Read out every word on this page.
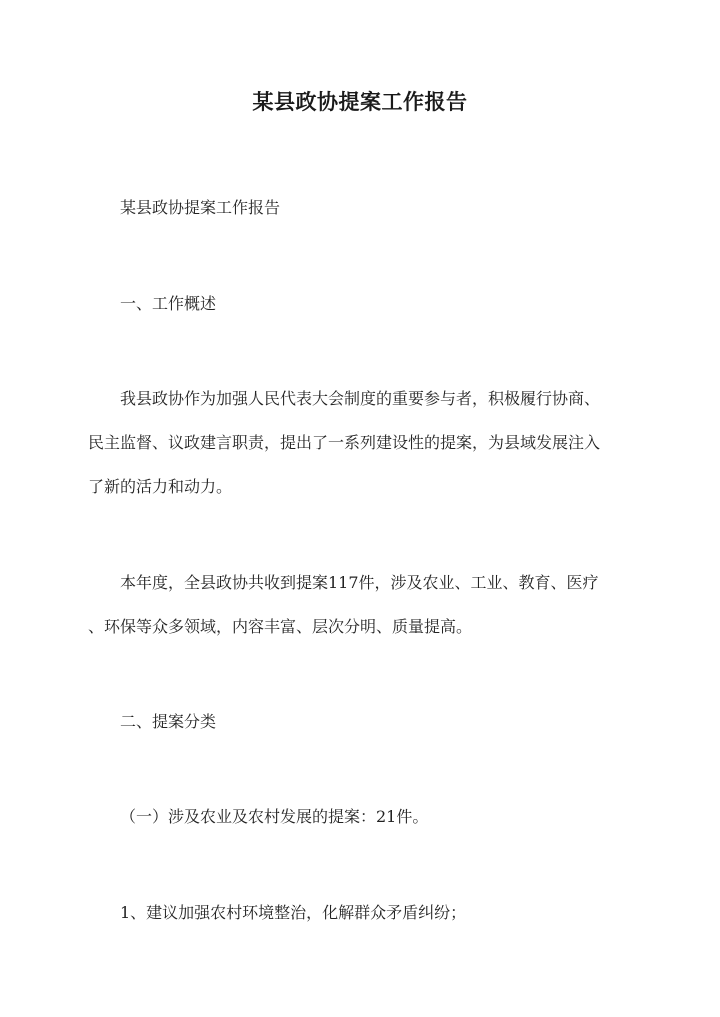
某县政协提案工作报告
某县政协提案工作报告
一、工作概述
我县政协作为加强人民代表大会制度的重要参与者，积极履行协商、
民主监督、议政建言职责，提出了一系列建设性的提案，为县域发展注入
了新的活力和动力。
本年度，全县政协共收到提案117件，涉及农业、工业、教育、医疗
、环保等众多领域，内容丰富、层次分明、质量提高。
二、提案分类
（一）涉及农业及农村发展的提案：21件。
1、建议加强农村环境整治，化解群众矛盾纠纷；
